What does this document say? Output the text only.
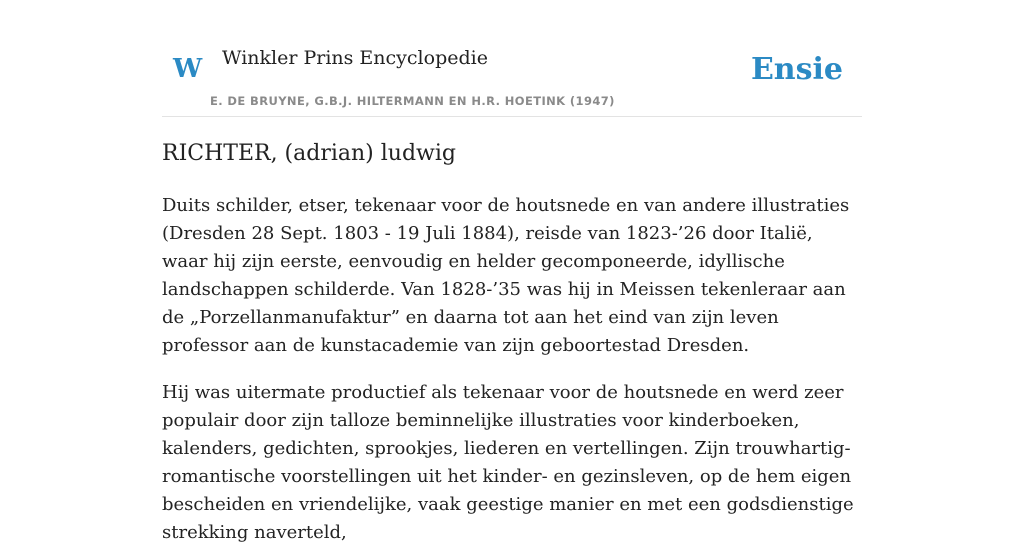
W Winkler Prins Encyclopedie
E. DE BRUYNE, G.B.J. HILTERMANN EN H.R. HOETINK (1947)
Ensie
RICHTER, (adrian) ludwig

Duits schilder, etser, tekenaar voor de houtsnede en van andere illustraties (Dresden 28 Sept. 1803 - 19 Juli 1884), reisde van 1823-’26 door Italië, waar hij zijn eerste, eenvoudig en helder gecomponeerde, idyllische landschappen schilderde. Van 1828-’35 was hij in Meissen tekenleraar aan de „Porzellanmanufaktur” en daarna tot aan het eind van zijn leven professor aan de kunstacademie van zijn geboortestad Dresden.

Hij was uitermate productief als tekenaar voor de houtsnede en werd zeer populair door zijn talloze beminnelijke illustraties voor kinderboeken, kalenders, gedichten, sprookjes, liederen en vertellingen. Zijn trouwhartig-romantische voorstellingen uit het kinder- en gezinsleven, op de hem eigen bescheiden en vriendelijke, vaak geestige manier en met een godsdienstige strekking naverteld,
